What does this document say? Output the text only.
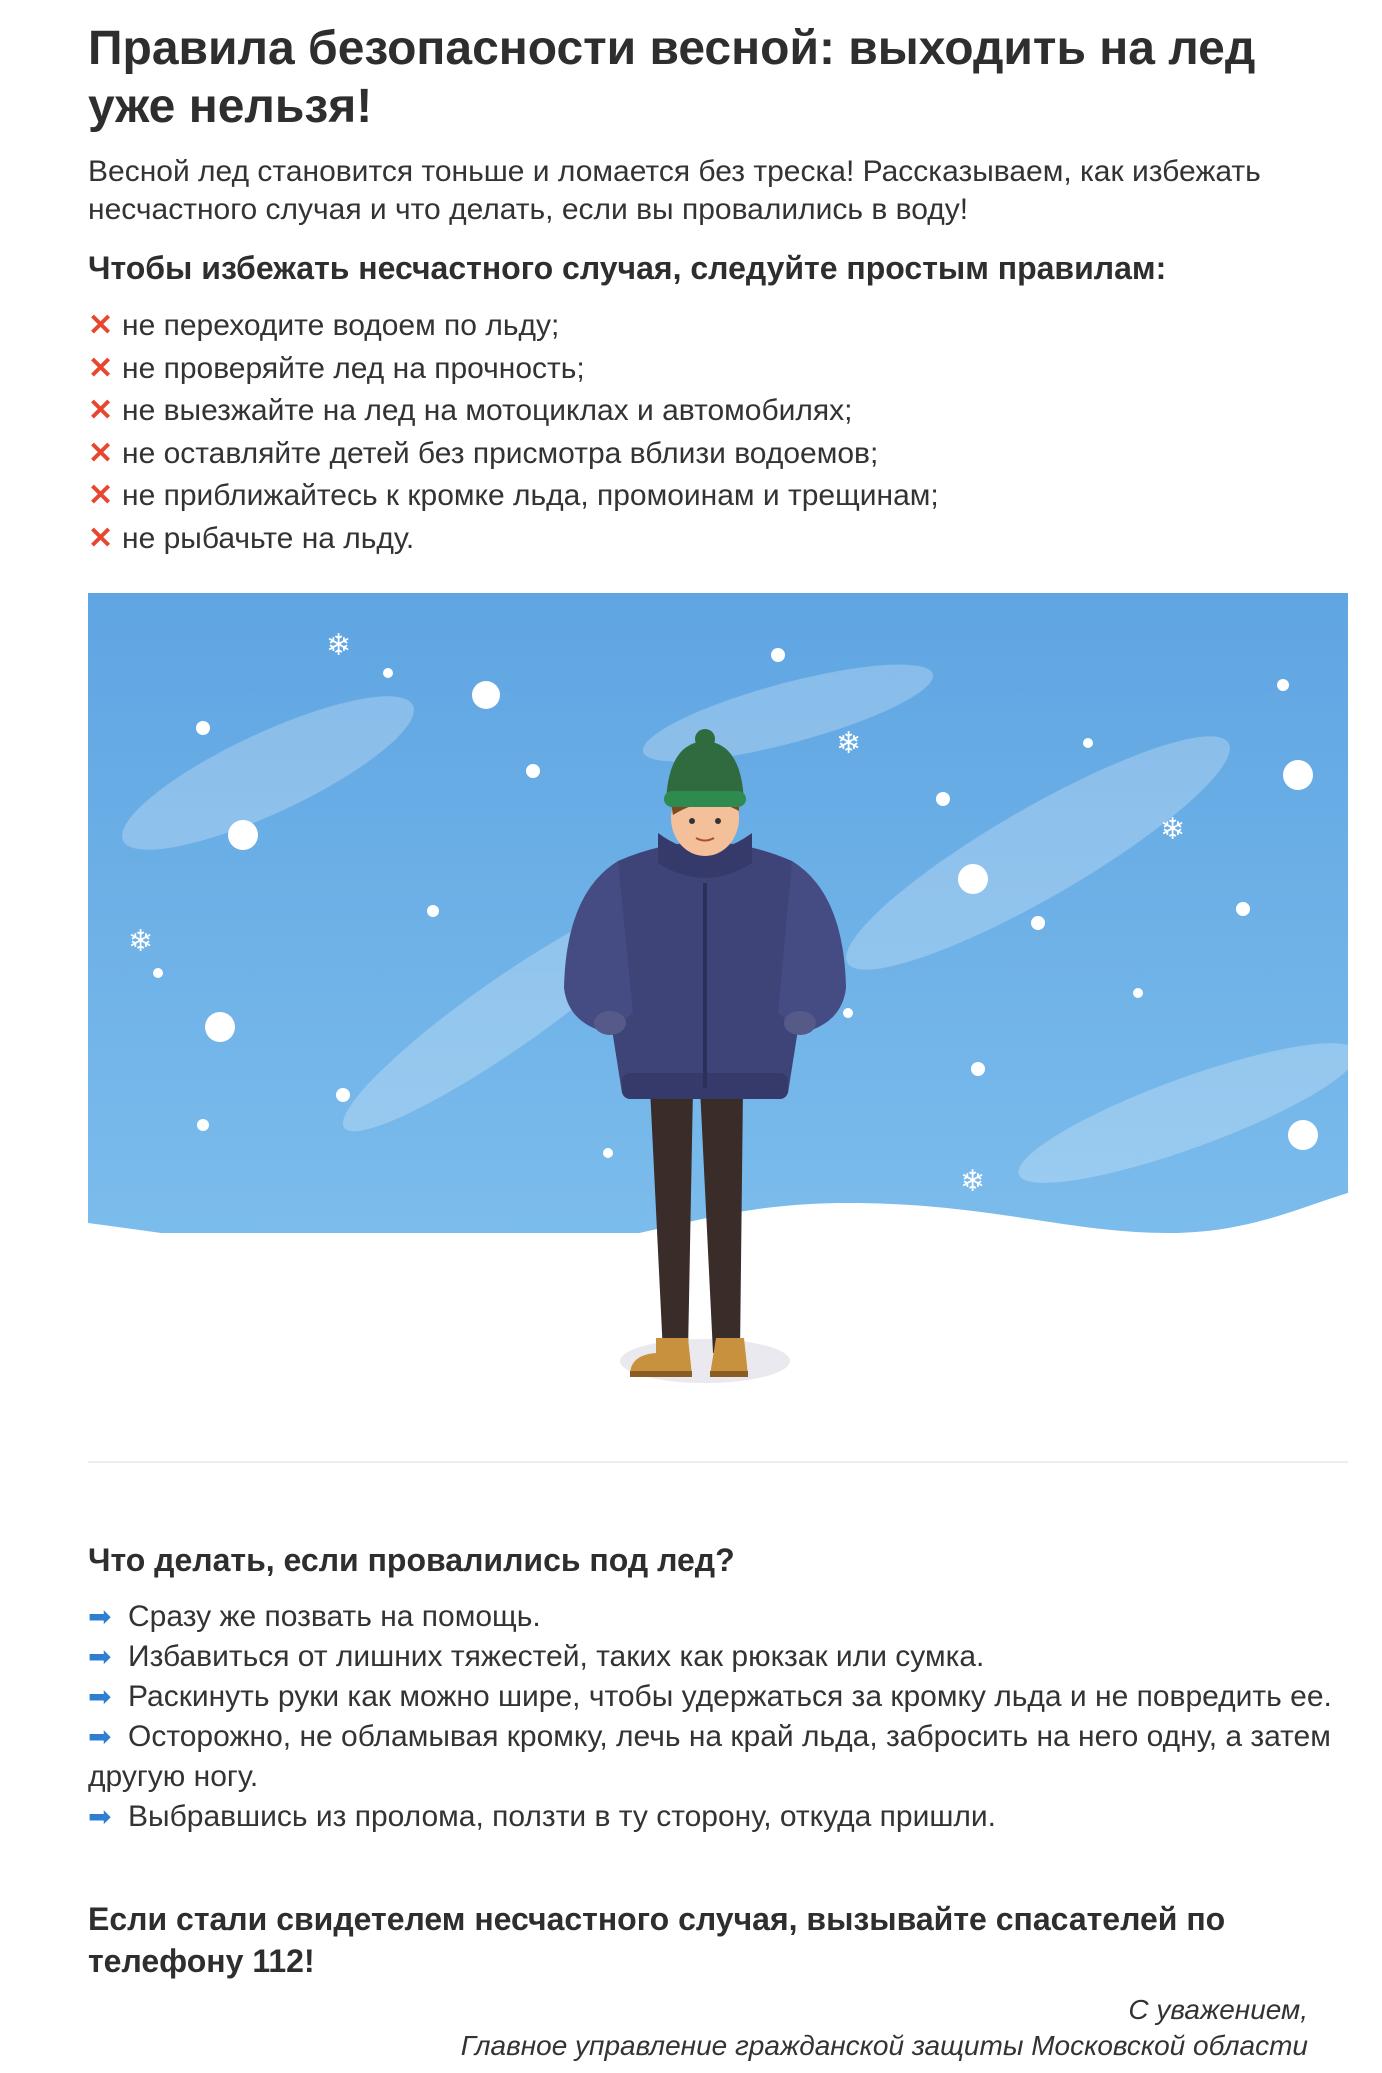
Правила безопасности весной: выходить на лед уже нельзя!

Весной лед становится тоньше и ломается без треска! Рассказываем, как избежать несчастного случая и что делать, если вы провалились в воду!

Чтобы избежать несчастного случая, следуйте простым правилам:

✕ не переходите водоем по льду;
✕ не проверяйте лед на прочность;
✕ не выезжайте на лед на мотоциклах и автомобилях;
✕ не оставляйте детей без присмотра вблизи водоемов;
✕ не приближайтесь к кромке льда, промоинам и трещинам;
✕ не рыбачьте на льду.
❄
❄
❄
❄
❄

Что делать, если провалились под лед?

➡ Сразу же позвать на помощь.
➡ Избавиться от лишних тяжестей, таких как рюкзак или сумка.
➡ Раскинуть руки как можно шире, чтобы удержаться за кромку льда и не повредить ее.
➡ Осторожно, не обламывая кромку, лечь на край льда, забросить на него одну, а затем другую ногу.
➡ Выбравшись из пролома, ползти в ту сторону, откуда пришли.

Если стали свидетелем несчастного случая, вызывайте спасателей по телефону 112!

С уважением,
Главное управление гражданской защиты Московской области
